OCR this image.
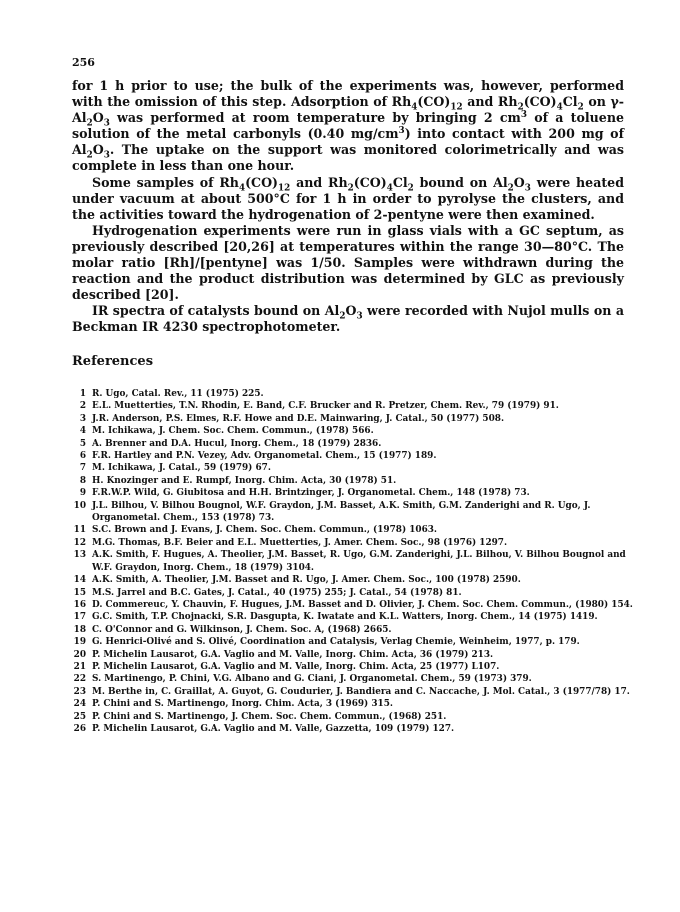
256

for 1 h prior to use; the bulk of the experiments was, however, performed with the omission of this step. Adsorption of $Rh_4(CO)_{12}$ and $Rh_2(CO)_4Cl_2$ on $\gamma-Al_2O_3$ was performed at room temperature by bringing 2 $cm^3$ of a toluene solution of the metal carbonyls (0.40 $mg/cm^3$) into contact with 200 mg of $Al_2O_3$. The uptake on the support was monitored colorimetrically and was complete in less than one hour.

Some samples of $Rh_4(CO)_{12}$ and $Rh_2(CO)_4Cl_2$ bound on $Al_2O_3$ were heated under vacuum at about 500°C for 1 h in order to pyrolyse the clusters, and the activities toward the hydrogenation of 2-pentyne were then examined.

Hydrogenation experiments were run in glass vials with a GC septum, as previously described [20,26] at temperatures within the range 30—80°C. The molar ratio [Rh]/[pentyne] was 1/50. Samples were withdrawn during the reaction and the product distribution was determined by GLC as previously described [20].

IR spectra of catalysts bound on $Al_2O_3$ were recorded with Nujol mulls on a Beckman IR 4230 spectrophotometer.

References
1 R. Ugo, Catal. Rev., 11 (1975) 225.
2 E.L. Muetterties, T.N. Rhodin, E. Band, C.F. Brucker and R. Pretzer, Chem. Rev., 79 (1979) 91.
3 J.R. Anderson, P.S. Elmes, R.F. Howe and D.E. Mainwaring, J. Catal., 50 (1977) 508.
4 M. Ichikawa, J. Chem. Soc. Chem. Commun., (1978) 566.
5 A. Brenner and D.A. Hucul, Inorg. Chem., 18 (1979) 2836.
6 F.R. Hartley and P.N. Vezey, Adv. Organometal. Chem., 15 (1977) 189.
7 M. Ichikawa, J. Catal., 59 (1979) 67.
8 H. Knozinger and E. Rumpf, Inorg. Chim. Acta, 30 (1978) 51.
9 F.R.W.P. Wild, G. Giubitosa and H.H. Brintzinger, J. Organometal. Chem., 148 (1978) 73.
10 J.L. Bilhou, V. Bilhou Bougnol, W.F. Graydon, J.M. Basset, A.K. Smith, G.M. Zanderighi and R. Ugo, J. Organometal. Chem., 153 (1978) 73.
11 S.C. Brown and J. Evans, J. Chem. Soc. Chem. Commun., (1978) 1063.
12 M.G. Thomas, B.F. Beier and E.L. Muetterties, J. Amer. Chem. Soc., 98 (1976) 1297.
13 A.K. Smith, F. Hugues, A. Theolier, J.M. Basset, R. Ugo, G.M. Zanderighi, J.L. Bilhou, V. Bilhou Bougnol and W.F. Graydon, Inorg. Chem., 18 (1979) 3104.
14 A.K. Smith, A. Theolier, J.M. Basset and R. Ugo, J. Amer. Chem. Soc., 100 (1978) 2590.
15 M.S. Jarrel and B.C. Gates, J. Catal., 40 (1975) 255; J. Catal., 54 (1978) 81.
16 D. Commereuc, Y. Chauvin, F. Hugues, J.M. Basset and D. Olivier, J. Chem. Soc. Chem. Commun., (1980) 154.
17 G.C. Smith, T.P. Chojnacki, S.R. Dasgupta, K. Iwatate and K.L. Watters, Inorg. Chem., 14 (1975) 1419.
18 C. O'Connor and G. Wilkinson, J. Chem. Soc. A, (1968) 2665.
19 G. Henrici-Olivé and S. Olivé, Coordination and Catalysis, Verlag Chemie, Weinheim, 1977, p. 179.
20 P. Michelin Lausarot, G.A. Vaglio and M. Valle, Inorg. Chim. Acta, 36 (1979) 213.
21 P. Michelin Lausarot, G.A. Vaglio and M. Valle, Inorg. Chim. Acta, 25 (1977) L107.
22 S. Martinengo, P. Chini, V.G. Albano and G. Ciani, J. Organometal. Chem., 59 (1973) 379.
23 M. Berthe in, C. Graillat, A. Guyot, G. Coudurier, J. Bandiera and C. Naccache, J. Mol. Catal., 3 (1977/78) 17.
24 P. Chini and S. Martinengo, Inorg. Chim. Acta, 3 (1969) 315.
25 P. Chini and S. Martinengo, J. Chem. Soc. Chem. Commun., (1968) 251.
26 P. Michelin Lausarot, G.A. Vaglio and M. Valle, Gazzetta, 109 (1979) 127.
